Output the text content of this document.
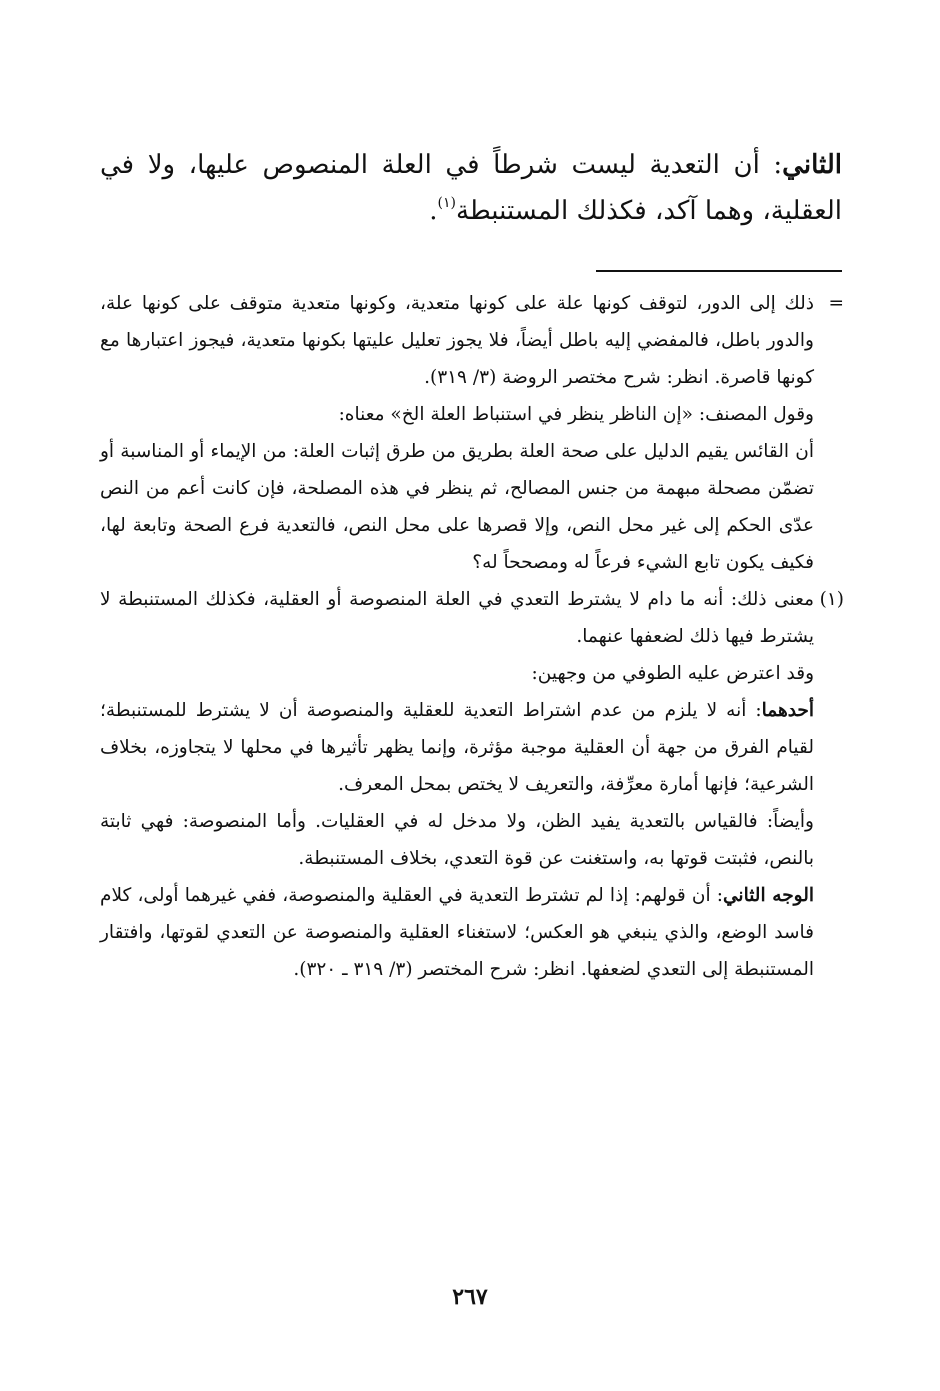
الثاني: أن التعدية ليست شرطاً في العلة المنصوص عليها، ولا في العقلية، وهما آكد، فكذلك المستنبطة$^{(١)}$.

=
ذلك إلى الدور، لتوقف كونها علة على كونها متعدية، وكونها متعدية متوقف على كونها علة، والدور باطل، فالمفضي إليه باطل أيضاً، فلا يجوز تعليل عليتها بكونها متعدية، فيجوز اعتبارها مع كونها قاصرة. انظر: شرح مختصر الروضة (٣/ ٣١٩).

وقول المصنف: «إن الناظر ينظر في استنباط العلة الخ» معناه:

أن القائس يقيم الدليل على صحة العلة بطريق من طرق إثبات العلة: من الإيماء أو المناسبة أو تضمّن مصحلة مبهمة من جنس المصالح، ثم ينظر في هذه المصلحة، فإن كانت أعم من النص عدّى الحكم إلى غير محل النص، وإلا قصرها على محل النص، فالتعدية فرع الصحة وتابعة لها، فكيف يكون تابع الشيء فرعاً له ومصححاً له؟

(١)
معنى ذلك: أنه ما دام لا يشترط التعدي في العلة المنصوصة أو العقلية، فكذلك المستنبطة لا يشترط فيها ذلك لضعفها عنهما.

وقد اعترض عليه الطوفي من وجهين:

أحدهما: أنه لا يلزم من عدم اشتراط التعدية للعقلية والمنصوصة أن لا يشترط للمستنبطة؛ لقيام الفرق من جهة أن العقلية موجبة مؤثرة، وإنما يظهر تأثيرها في محلها لا يتجاوزه، بخلاف الشرعية؛ فإنها أمارة معرِّفة، والتعريف لا يختص بمحل المعرف.

وأيضاً: فالقياس بالتعدية يفيد الظن، ولا مدخل له في العقليات. وأما المنصوصة: فهي ثابتة بالنص، فثبتت قوتها به، واستغنت عن قوة التعدي، بخلاف المستنبطة.

الوجه الثاني: أن قولهم: إذا لم تشترط التعدية في العقلية والمنصوصة، ففي غيرهما أولى، كلام فاسد الوضع، والذي ينبغي هو العكس؛ لاستغناء العقلية والمنصوصة عن التعدي لقوتها، وافتقار المستنبطة إلى التعدي لضعفها. انظر: شرح المختصر (٣/ ٣١٩ ـ ٣٢٠).

٢٦٧
